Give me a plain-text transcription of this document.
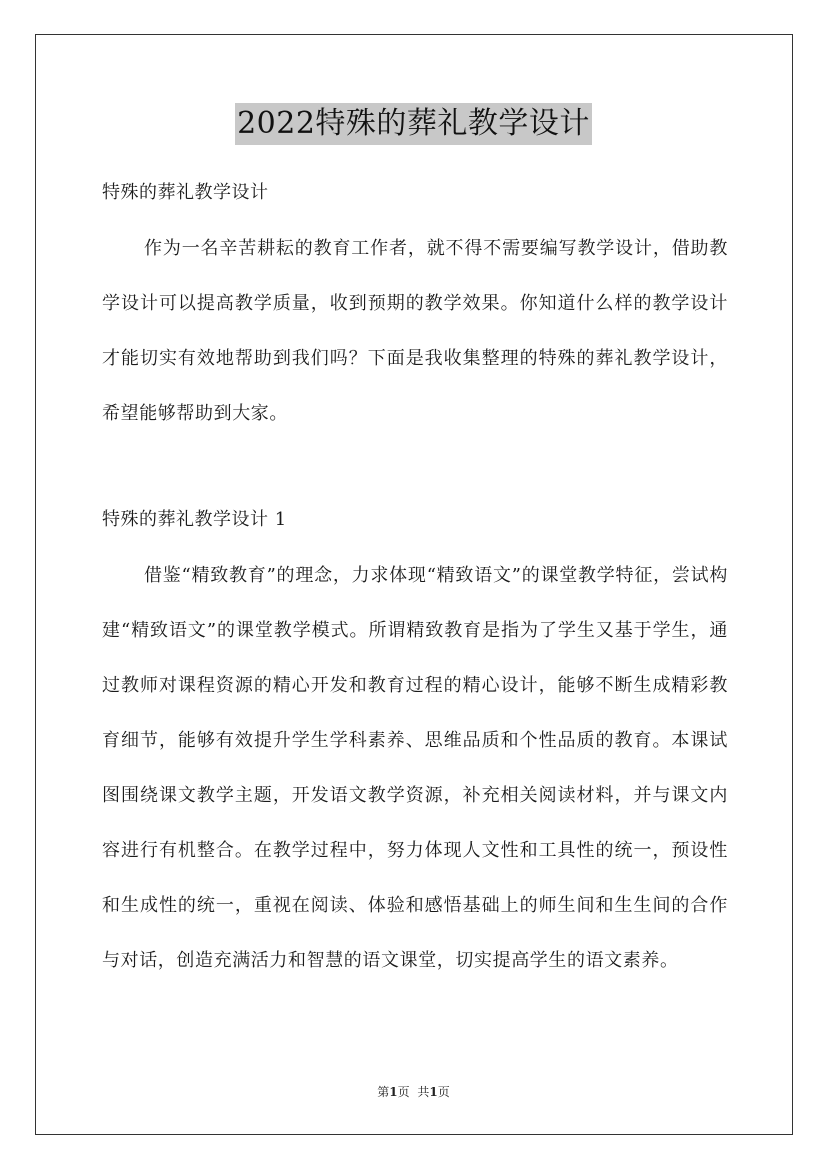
2022特殊的葬礼教学设计
特殊的葬礼教学设计

作为一名辛苦耕耘的教育工作者，就不得不需要编写教学设计，借助教学设计可以提高教学质量，收到预期的教学效果。你知道什么样的教学设计才能切实有效地帮助到我们吗？下面是我收集整理的特殊的葬礼教学设计，希望能够帮助到大家。

特殊的葬礼教学设计 1

借鉴“精致教育”的理念，力求体现“精致语文”的课堂教学特征，尝试构建“精致语文”的课堂教学模式。所谓精致教育是指为了学生又基于学生，通过教师对课程资源的精心开发和教育过程的精心设计，能够不断生成精彩教育细节，能够有效提升学生学科素养、思维品质和个性品质的教育。本课试图围绕课文教学主题，开发语文教学资源，补充相关阅读材料，并与课文内容进行有机整合。在教学过程中，努力体现人文性和工具性的统一，预设性和生成性的统一，重视在阅读、体验和感悟基础上的师生间和生生间的合作与对话，创造充满活力和智慧的语文课堂，切实提高学生的语文素养。

第1页 共1页
